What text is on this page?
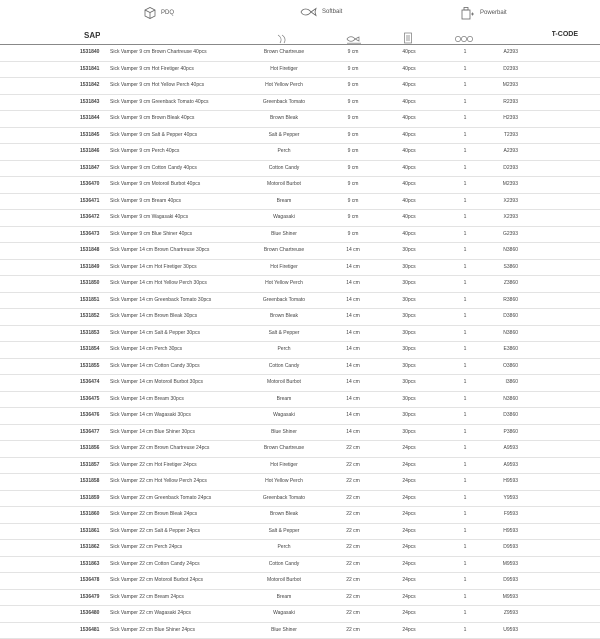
PDQ	Softbait	Powerbait
SAP	T-CODE
1531840	Sick Vamper 9 cm Brown Chartreuse 40pcs	Brown Chartreuse	9 cm	40pcs	1	A2393
1531841	Sick Vamper 9 cm Hot Firetiger 40pcs	Hot Firetiger	9 cm	40pcs	1	D2393
1531842	Sick Vamper 9 cm Hot Yellow Perch 40pcs	Hot Yellow Perch	9 cm	40pcs	1	M2393
1531843	Sick Vamper 9 cm Greenback Tomato 40pcs	Greenback Tomato	9 cm	40pcs	1	R2393
1531844	Sick Vamper 9 cm Brown Bleak 40pcs	Brown Bleak	9 cm	40pcs	1	H2393
1531845	Sick Vamper 9 cm Salt & Pepper 40pcs	Salt & Pepper	9 cm	40pcs	1	T2393
1531846	Sick Vamper 9 cm Perch 40pcs	Perch	9 cm	40pcs	1	A2393
1531847	Sick Vamper 9 cm Cotton Candy 40pcs	Cotton Candy	9 cm	40pcs	1	D2393
1536470	Sick Vamper 9 cm Motoroil Burbot 40pcs	Motoroil Burbot	9 cm	40pcs	1	M2393
1536471	Sick Vamper 9 cm Bream 40pcs	Bream	9 cm	40pcs	1	X2393
1536472	Sick Vamper 9 cm Wagasaki 40pcs	Wagasaki	9 cm	40pcs	1	X2393
1536473	Sick Vamper 9 cm Blue Shiner 40pcs	Blue Shiner	9 cm	40pcs	1	G2393
1531848	Sick Vamper 14 cm Brown Chartreuse 30pcs	Brown Chartreuse	14 cm	30pcs	1	N3860
1531849	Sick Vamper 14 cm Hot Firetiger 30pcs	Hot Firetiger	14 cm	30pcs	1	S3860
1531850	Sick Vamper 14 cm Hot Yellow Perch 30pcs	Hot Yellow Perch	14 cm	30pcs	1	Z3860
1531851	Sick Vamper 14 cm Greenback Tomato 30pcs	Greenback Tomato	14 cm	30pcs	1	R3860
1531852	Sick Vamper 14 cm Brown Bleak 30pcs	Brown Bleak	14 cm	30pcs	1	D3860
1531853	Sick Vamper 14 cm Salt & Pepper 30pcs	Salt & Pepper	14 cm	30pcs	1	N3860
1531854	Sick Vamper 14 cm Perch 30pcs	Perch	14 cm	30pcs	1	E3860
1531855	Sick Vamper 14 cm Cotton Candy 30pcs	Cotton Candy	14 cm	30pcs	1	O3860
1536474	Sick Vamper 14 cm Motoroil Burbot 30pcs	Motoroil Burbot	14 cm	30pcs	1	I3860
1536475	Sick Vamper 14 cm Bream 30pcs	Bream	14 cm	30pcs	1	N3860
1536476	Sick Vamper 14 cm Wagasaki 30pcs	Wagasaki	14 cm	30pcs	1	D3860
1536477	Sick Vamper 14 cm Blue Shiner 30pcs	Blue Shiner	14 cm	30pcs	1	P3860
1531856	Sick Vamper 22 cm Brown Chartreuse 24pcs	Brown Chartreuse	22 cm	24pcs	1	A9593
1531857	Sick Vamper 22 cm Hot Firetiger 24pcs	Hot Firetiger	22 cm	24pcs	1	A9593
1531858	Sick Vamper 22 cm Hot Yellow Perch 24pcs	Hot Yellow Perch	22 cm	24pcs	1	H9593
1531859	Sick Vamper 22 cm Greenback Tomato 24pcs	Greenback Tomato	22 cm	24pcs	1	Y9593
1531860	Sick Vamper 22 cm Brown Bleak 24pcs	Brown Bleak	22 cm	24pcs	1	F9593
1531861	Sick Vamper 22 cm Salt & Pepper 24pcs	Salt & Pepper	22 cm	24pcs	1	H9593
1531862	Sick Vamper 22 cm Perch 24pcs	Perch	22 cm	24pcs	1	D9593
1531863	Sick Vamper 22 cm Cotton Candy 24pcs	Cotton Candy	22 cm	24pcs	1	M9593
1536478	Sick Vamper 22 cm Motoroil Burbot 24pcs	Motoroil Burbot	22 cm	24pcs	1	D9593
1536479	Sick Vamper 22 cm Bream 24pcs	Bream	22 cm	24pcs	1	M9593
1536480	Sick Vamper 22 cm Wagasaki 24pcs	Wagasaki	22 cm	24pcs	1	Z9593
1536481	Sick Vamper 22 cm Blue Shiner 24pcs	Blue Shiner	22 cm	24pcs	1	U9593
